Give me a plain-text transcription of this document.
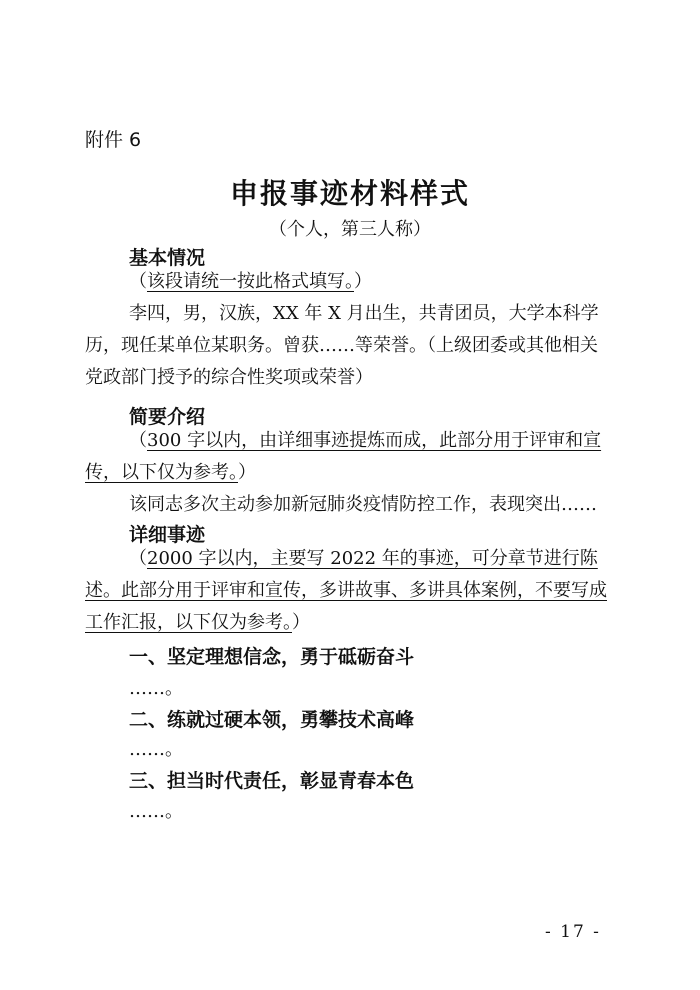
附件 6
申报事迹材料样式
（个人，第三人称）
基本情况
（该段请统一按此格式填写。）
李四，男，汉族，XX 年 X 月出生，共青团员，大学本科学历，现任某单位某职务。曾获……等荣誉。（上级团委或其他相关党政部门授予的综合性奖项或荣誉）
简要介绍
（300 字以内，由详细事迹提炼而成，此部分用于评审和宣传，以下仅为参考。）
该同志多次主动参加新冠肺炎疫情防控工作，表现突出……
详细事迹
（2000 字以内，主要写 2022 年的事迹，可分章节进行陈述。此部分用于评审和宣传，多讲故事、多讲具体案例，不要写成工作汇报，以下仅为参考。）
一、坚定理想信念，勇于砥砺奋斗
……。
二、练就过硬本领，勇攀技术高峰
……。
三、担当时代责任，彰显青春本色
……。
- 17 -
